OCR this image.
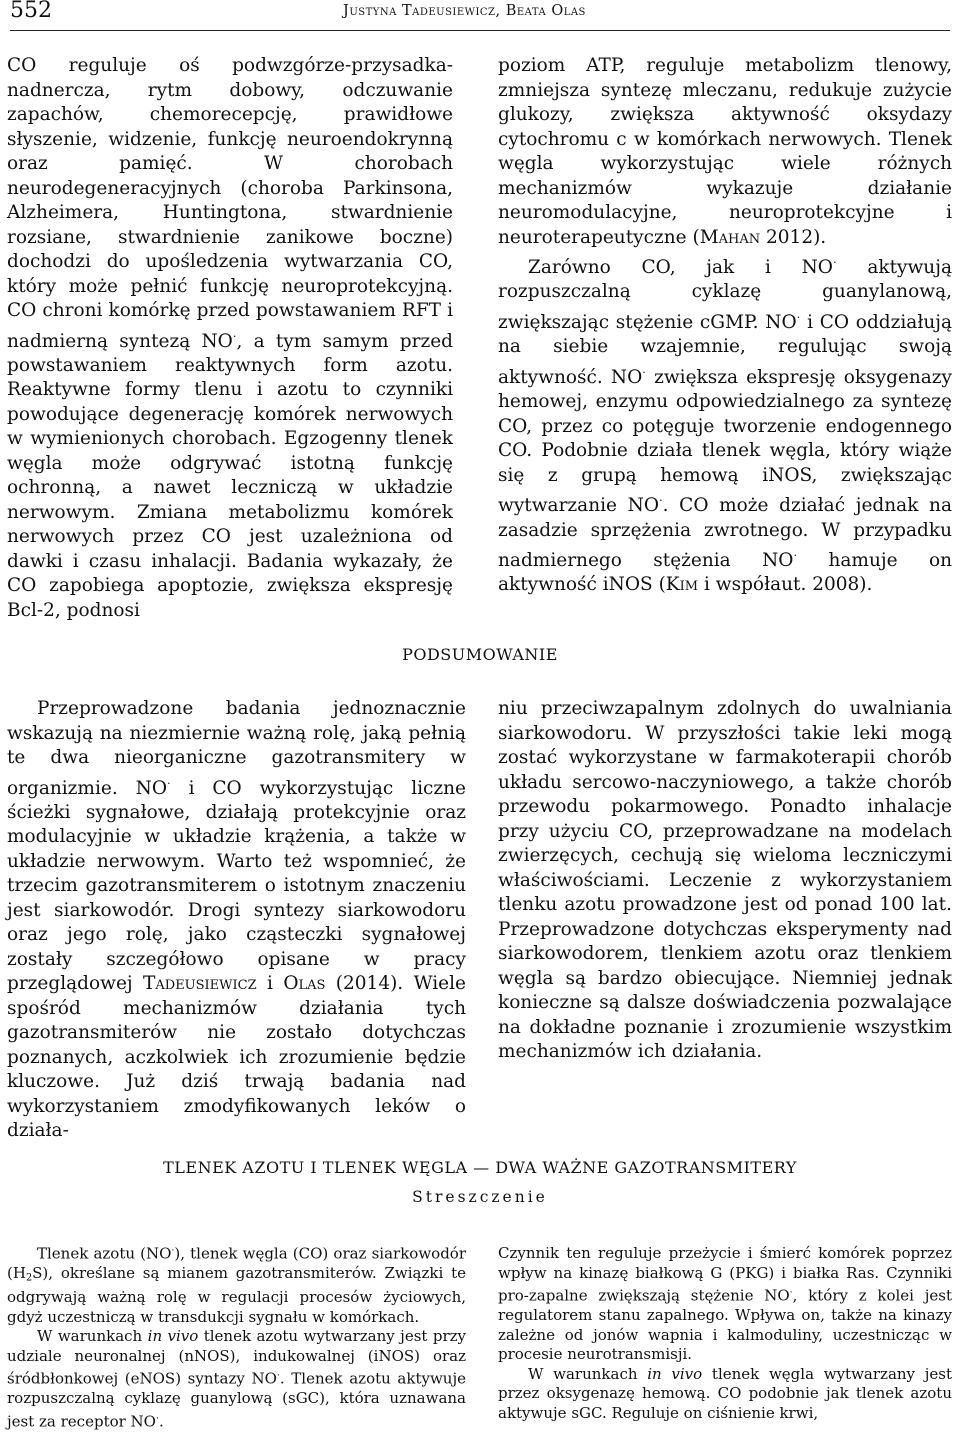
552	Justyna Tadeusiewicz, Beata Olas

CO reguluje oś podwzgórze-przysadka-nadnercza, rytm dobowy, odczuwanie zapachów, chemorecepcję, prawidłowe słyszenie, widzenie, funkcję neuroendokrynną oraz pamięć. W chorobach neurodegeneracyjnych (choroba Parkinsona, Alzheimera, Huntingtona, stwardnienie rozsiane, stwardnienie zanikowe boczne) dochodzi do upośledzenia wytwarzania CO, który może pełnić funkcję neuroprotekcyjną. CO chroni komórkę przed powstawaniem RFT i nadmierną syntezą NO·, a tym samym przed powstawaniem reaktywnych form azotu. Reaktywne formy tlenu i azotu to czynniki powodujące degenerację komórek nerwowych w wymienionych chorobach. Egzogenny tlenek węgla może odgrywać istotną funkcję ochronną, a nawet leczniczą w układzie nerwowym. Zmiana metabolizmu komórek nerwowych przez CO jest uzależniona od dawki i czasu inhalacji. Badania wykazały, że CO zapobiega apoptozie, zwiększa ekspresję Bcl-2, podnosi

poziom ATP, reguluje metabolizm tlenowy, zmniejsza syntezę mleczanu, redukuje zużycie glukozy, zwiększa aktywność oksydazy cytochromu c w komórkach nerwowych. Tlenek węgla wykorzystując wiele różnych mechanizmów wykazuje działanie neuromodulacyjne, neuroprotekcyjne i neuroterapeutyczne (Mahan 2012).

Zarówno CO, jak i NO· aktywują rozpuszczalną cyklazę guanylanową, zwiększając stężenie cGMP. NO· i CO oddziałują na siebie wzajemnie, regulując swoją aktywność. NO· zwiększa ekspresję oksygenazy hemowej, enzymu odpowiedzialnego za syntezę CO, przez co potęguje tworzenie endogennego CO. Podobnie działa tlenek węgla, który wiąże się z grupą hemową iNOS, zwiększając wytwarzanie NO·. CO może działać jednak na zasadzie sprzężenia zwrotnego. W przypadku nadmiernego stężenia NO· hamuje on aktywność iNOS (Kim i współaut. 2008).

PODSUMOWANIE

Przeprowadzone badania jednoznacznie wskazują na niezmiernie ważną rolę, jaką pełnią te dwa nieorganiczne gazotransmitery w organizmie. NO· i CO wykorzystując liczne ścieżki sygnałowe, działają protekcyjnie oraz modulacyjnie w układzie krążenia, a także w układzie nerwowym. Warto też wspomnieć, że trzecim gazotransmiterem o istotnym znaczeniu jest siarkowodór. Drogi syntezy siarkowodoru oraz jego rolę, jako cząsteczki sygnałowej zostały szczegółowo opisane w pracy przeglądowej Tadeusiewicz i Olas (2014). Wiele spośród mechanizmów działania tych gazotransmiterów nie zostało dotychczas poznanych, aczkolwiek ich zrozumienie będzie kluczowe. Już dziś trwają badania nad wykorzystaniem zmodyfikowanych leków o działa-

niu przeciwzapalnym zdolnych do uwalniania siarkowodoru. W przyszłości takie leki mogą zostać wykorzystane w farmakoterapii chorób układu sercowo-naczyniowego, a także chorób przewodu pokarmowego. Ponadto inhalacje przy użyciu CO, przeprowadzane na modelach zwierzęcych, cechują się wieloma leczniczymi właściwościami. Leczenie z wykorzystaniem tlenku azotu prowadzone jest od ponad 100 lat. Przeprowadzone dotychczas eksperymenty nad siarkowodorem, tlenkiem azotu oraz tlenkiem węgla są bardzo obiecujące. Niemniej jednak konieczne są dalsze doświadczenia pozwalające na dokładne poznanie i zrozumienie wszystkim mechanizmów ich działania.

TLENEK AZOTU I TLENEK WĘGLA — DWA WAŻNE GAZOTRANSMITERY
Streszczenie

Tlenek azotu (NO·), tlenek węgla (CO) oraz siarkowodór $(H_2S)$, określane są mianem gazotransmiterów. Związki te odgrywają ważną rolę w regulacji procesów życiowych, gdyż uczestniczą w transdukcji sygnału w komórkach.

W warunkach in vivo tlenek azotu wytwarzany jest przy udziale neuronalnej (nNOS), indukowalnej (iNOS) oraz śródbłonkowej (eNOS) syntazy NO·. Tlenek azotu aktywuje rozpuszczalną cyklazę guanylową (sGC), która uznawana jest za receptor NO·.

Czynnik ten reguluje przeżycie i śmierć komórek poprzez wpływ na kinazę białkową G (PKG) i białka Ras. Czynniki pro-zapalne zwiększają stężenie NO·, który z kolei jest regulatorem stanu zapalnego. Wpływa on, także na kinazy zależne od jonów wapnia i kalmoduliny, uczestnicząc w procesie neurotransmisji.

W warunkach in vivo tlenek węgla wytwarzany jest przez oksygenazę hemową. CO podobnie jak tlenek azotu aktywuje sGC. Reguluje on ciśnienie krwi,
